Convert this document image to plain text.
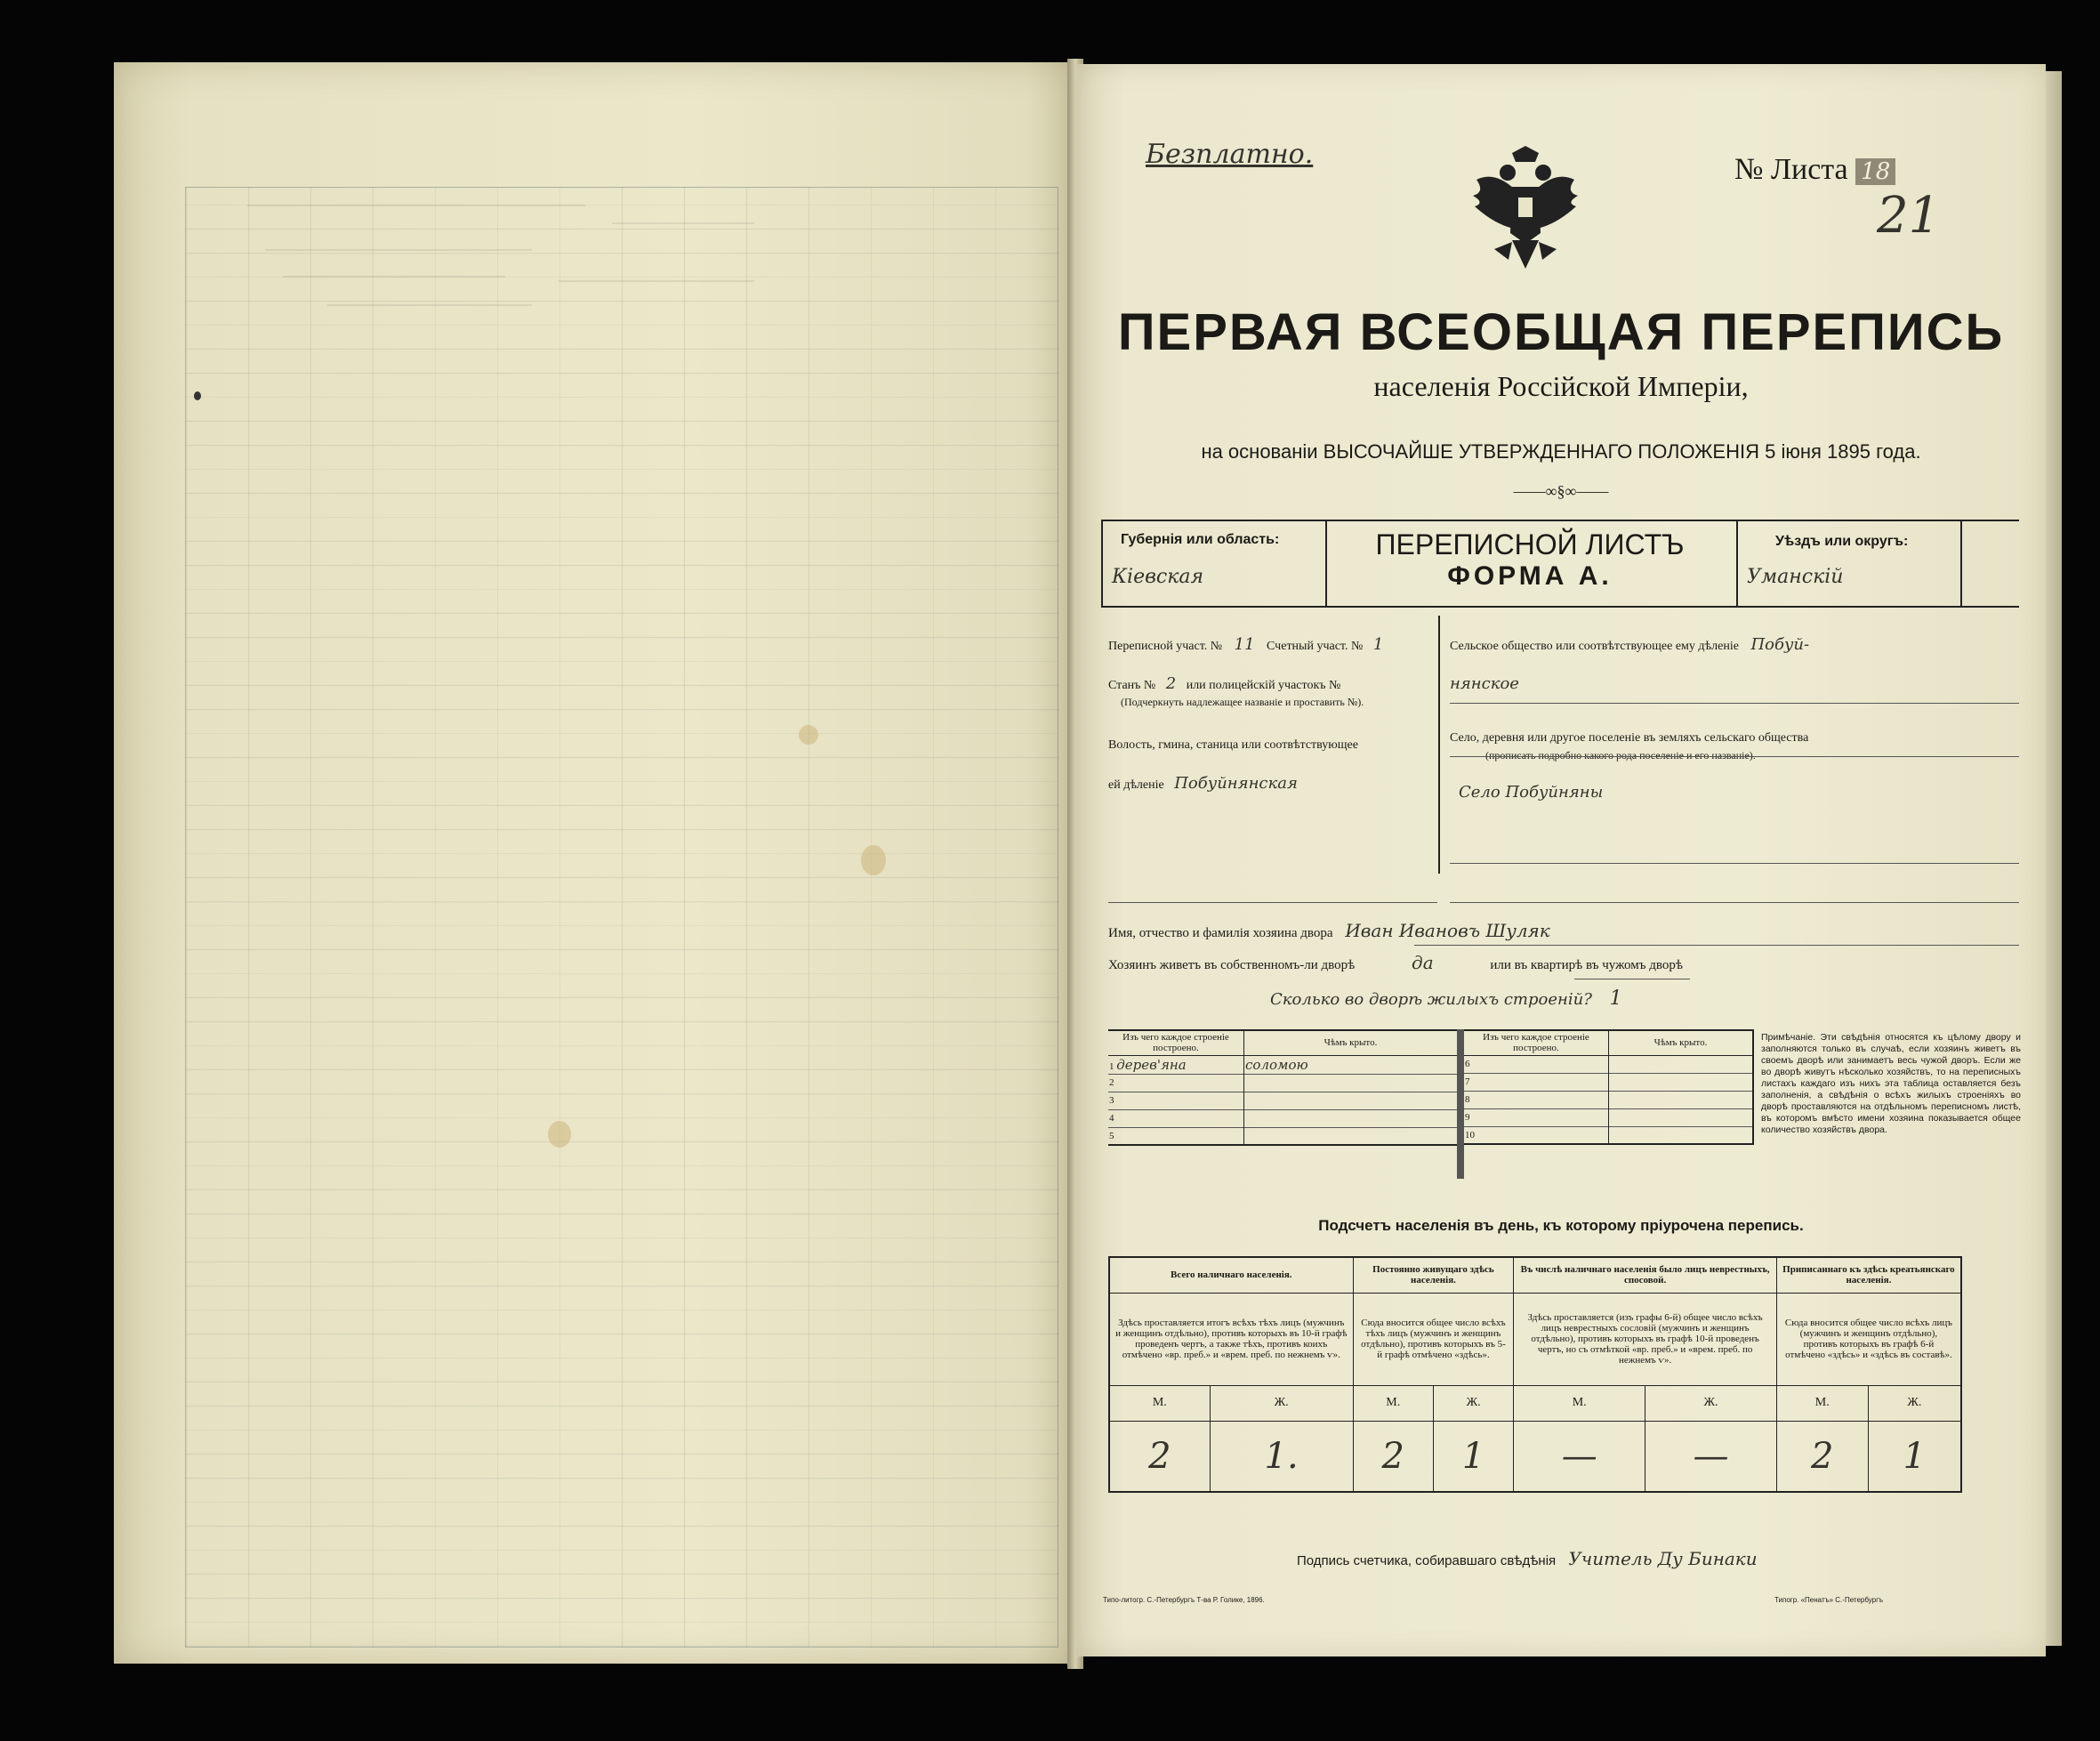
Безплатно.	№ Листа 18
21
ПЕРВАЯ ВСЕОБЩАЯ ПЕРЕПИСЬ
населенія Россійской Имперіи,
на основаніи ВЫСОЧАЙШЕ УТВЕРЖДЕННАГО ПОЛОЖЕНІЯ 5 іюня 1895 года.
——∞§∞——
Губернія или область:
Кіевская
ПЕРЕПИСНОЙ ЛИСТЪ
ФОРМА А.
Уѣздъ или округъ:
Уманскій
Переписной участ. № 11 Счетный участ. № 1
Станъ № 2 или полицейскій участокъ №
(Подчеркнуть надлежащее названіе и проставить №).
Волость, гмина, станица или соотвѣтствующее
ей дѣленіе Побуйнянская
Сельское общество или соотвѣтствующее ему дѣленіе Побуй-
нянское
Село, деревня или другое поселеніе въ земляхъ сельскаго общества
(прописать подробно какого рода поселеніе и его названіе).
Село Побуйняны
Имя, отчество и фамилія хозяина двора Иван Ивановъ Шуляк
Хозяинъ живетъ въ собственномъ-ли дворѣ	да	или въ квартирѣ въ чужомъ дворѣ
Сколько во дворѣ жилыхъ строеній? 1
Изъ чего каждое строеніе построено.	Чѣмъ крыто.
1 дерев'яна	соломою
2	
3	
4	
5	
Изъ чего каждое строеніе построено.	Чѣмъ крыто.
6	
7	
8	
9	
10	
Примѣчаніе. Эти свѣдѣнія относятся къ цѣлому двору и заполняются только въ случаѣ, если хозяинъ живетъ въ своемъ дворѣ или занимаетъ весь чужой дворъ. Если же во дворѣ живутъ нѣсколько хозяйствъ, то на переписныхъ листахъ каждаго изъ нихъ эта таблица оставляется безъ заполненія, а свѣдѣнія о всѣхъ жилыхъ строеніяхъ во дворѣ проставляются на отдѣльномъ переписномъ листѣ, въ которомъ вмѣсто имени хозяина показывается общее количество хозяйствъ двора.
Подсчетъ населенія въ день, къ которому пріурочена перепись.
Всего наличнаго населенія.		Постоянно живущаго здѣсь населенія.		Въ числѣ наличнаго населенія было лицъ неврестныхъ, спосовой.		Приписаннаго къ здѣсь креатьянскаго населенія.	
Здѣсь проставляется итогъ всѣхъ тѣхъ лицъ (мужчинъ и женщинъ отдѣльно), противъ которыхъ въ 10-й графѣ проведенъ чертъ, а также тѣхъ, противъ коихъ отмѣчено «вр. преб.» и «врем. преб. по нежнемъ ѵ».		Сюда вносится общее число всѣхъ тѣхъ лицъ (мужчинъ и женщинъ отдѣльно), противъ которыхъ въ 5-й графѣ отмѣчено «здѣсь».		Здѣсь проставляется (изъ графы 6-й) общее число всѣхъ лицъ неврестныхъ сословій (мужчинъ и женщинъ отдѣльно), противъ которыхъ въ графѣ 10-й проведенъ чертъ, но съ отмѣткой «вр. преб.» и «врем. преб. по нежнемъ ѵ».		Сюда вносится общее число всѣхъ лицъ (мужчинъ и женщинъ отдѣльно), противъ которыхъ въ графѣ 6-й отмѣчено «здѣсь» и «здѣсь въ составѣ».	
М.	Ж.	М.	Ж.	М.	Ж.	М.	Ж.
2	1.	2	1	—	—	2	1
Подпись счетчика, собиравшаго свѣдѣнія Учитель Ду Бинаки
Типо-литогр. С.-Петербургъ Т-ва Р. Голике, 1896.	Типогр. «Пенатъ» С.-Петербургъ
